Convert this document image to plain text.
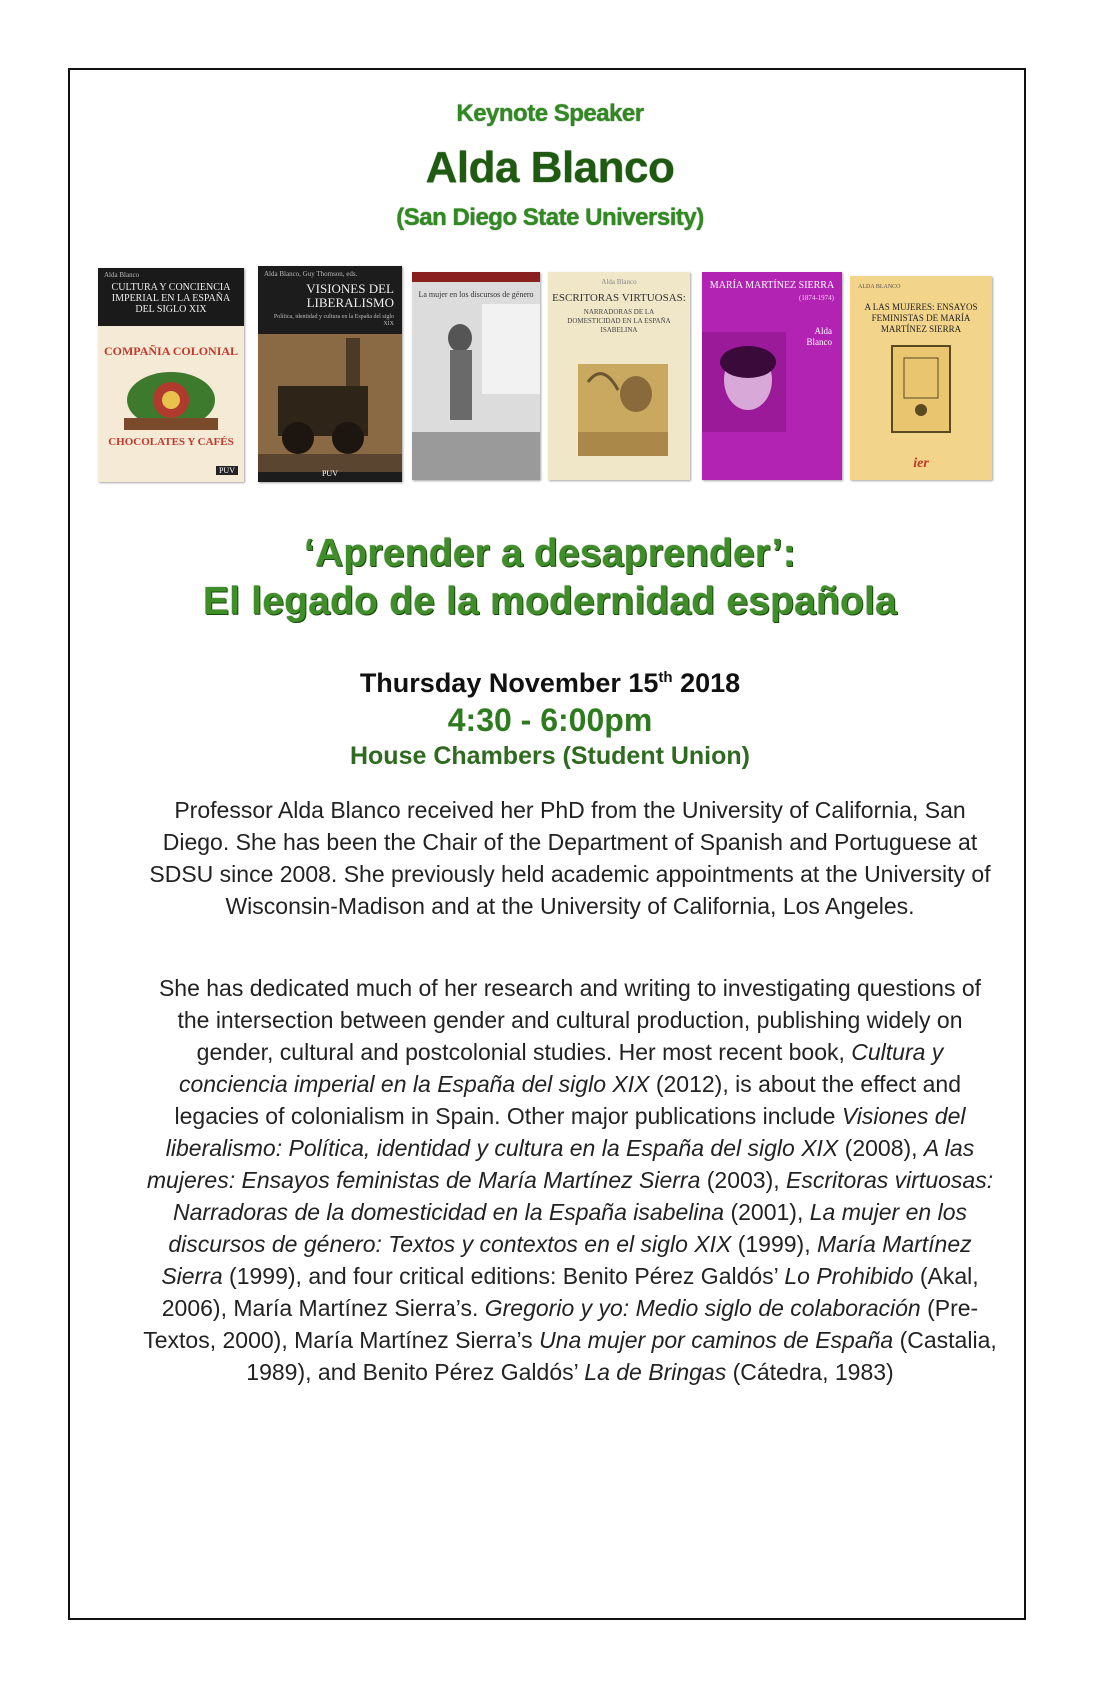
Keynote Speaker
Alda Blanco
(San Diego State University)
Alda Blanco
CULTURA Y CONCIENCIA IMPERIAL EN LA ESPAÑA DEL SIGLO XIX
COMPAÑIA COLONIAL
CHOCOLATES Y CAFÉS
PUV
Alda Blanco, Guy Thomson, eds.
VISIONES DEL LIBERALISMO
Política, identidad y cultura en la España del siglo XIX
PUV
La mujer en los discursos de género
Alda Blanco
ESCRITORAS VIRTUOSAS:
NARRADORAS DE LA DOMESTICIDAD EN LA ESPAÑA ISABELINA
MARÍA MARTÍNEZ SIERRA
(1874-1974)
Alda Blanco
ALDA BLANCO
A LAS MUJERES: ENSAYOS FEMINISTAS DE MARÍA MARTÍNEZ SIERRA
ier
‘Aprender a desaprender’:
El legado de la modernidad española
Thursday November 15th 2018
4:30 - 6:00pm
House Chambers (Student Union)
Professor Alda Blanco received her PhD from the University of California, San Diego. She has been the Chair of the Department of Spanish and Portuguese at SDSU since 2008. She previously held academic appointments at the University of Wisconsin-Madison and at the University of California, Los Angeles.
She has dedicated much of her research and writing to investigating questions of the intersection between gender and cultural production, publishing widely on gender, cultural and postcolonial studies. Her most recent book, Cultura y conciencia imperial en la España del siglo XIX (2012), is about the effect and legacies of colonialism in Spain. Other major publications include Visiones del liberalismo: Política, identidad y cultura en la España del siglo XIX (2008), A las mujeres: Ensayos feministas de María Martínez Sierra (2003), Escritoras virtuosas: Narradoras de la domesticidad en la España isabelina (2001), La mujer en los discursos de género: Textos y contextos en el siglo XIX (1999), María Martínez Sierra (1999), and four critical editions: Benito Pérez Galdós’ Lo Prohibido (Akal, 2006), María Martínez Sierra’s. Gregorio y yo: Medio siglo de colaboración (Pre-Textos, 2000), María Martínez Sierra’s Una mujer por caminos de España (Castalia, 1989), and Benito Pérez Galdós’ La de Bringas (Cátedra, 1983)
